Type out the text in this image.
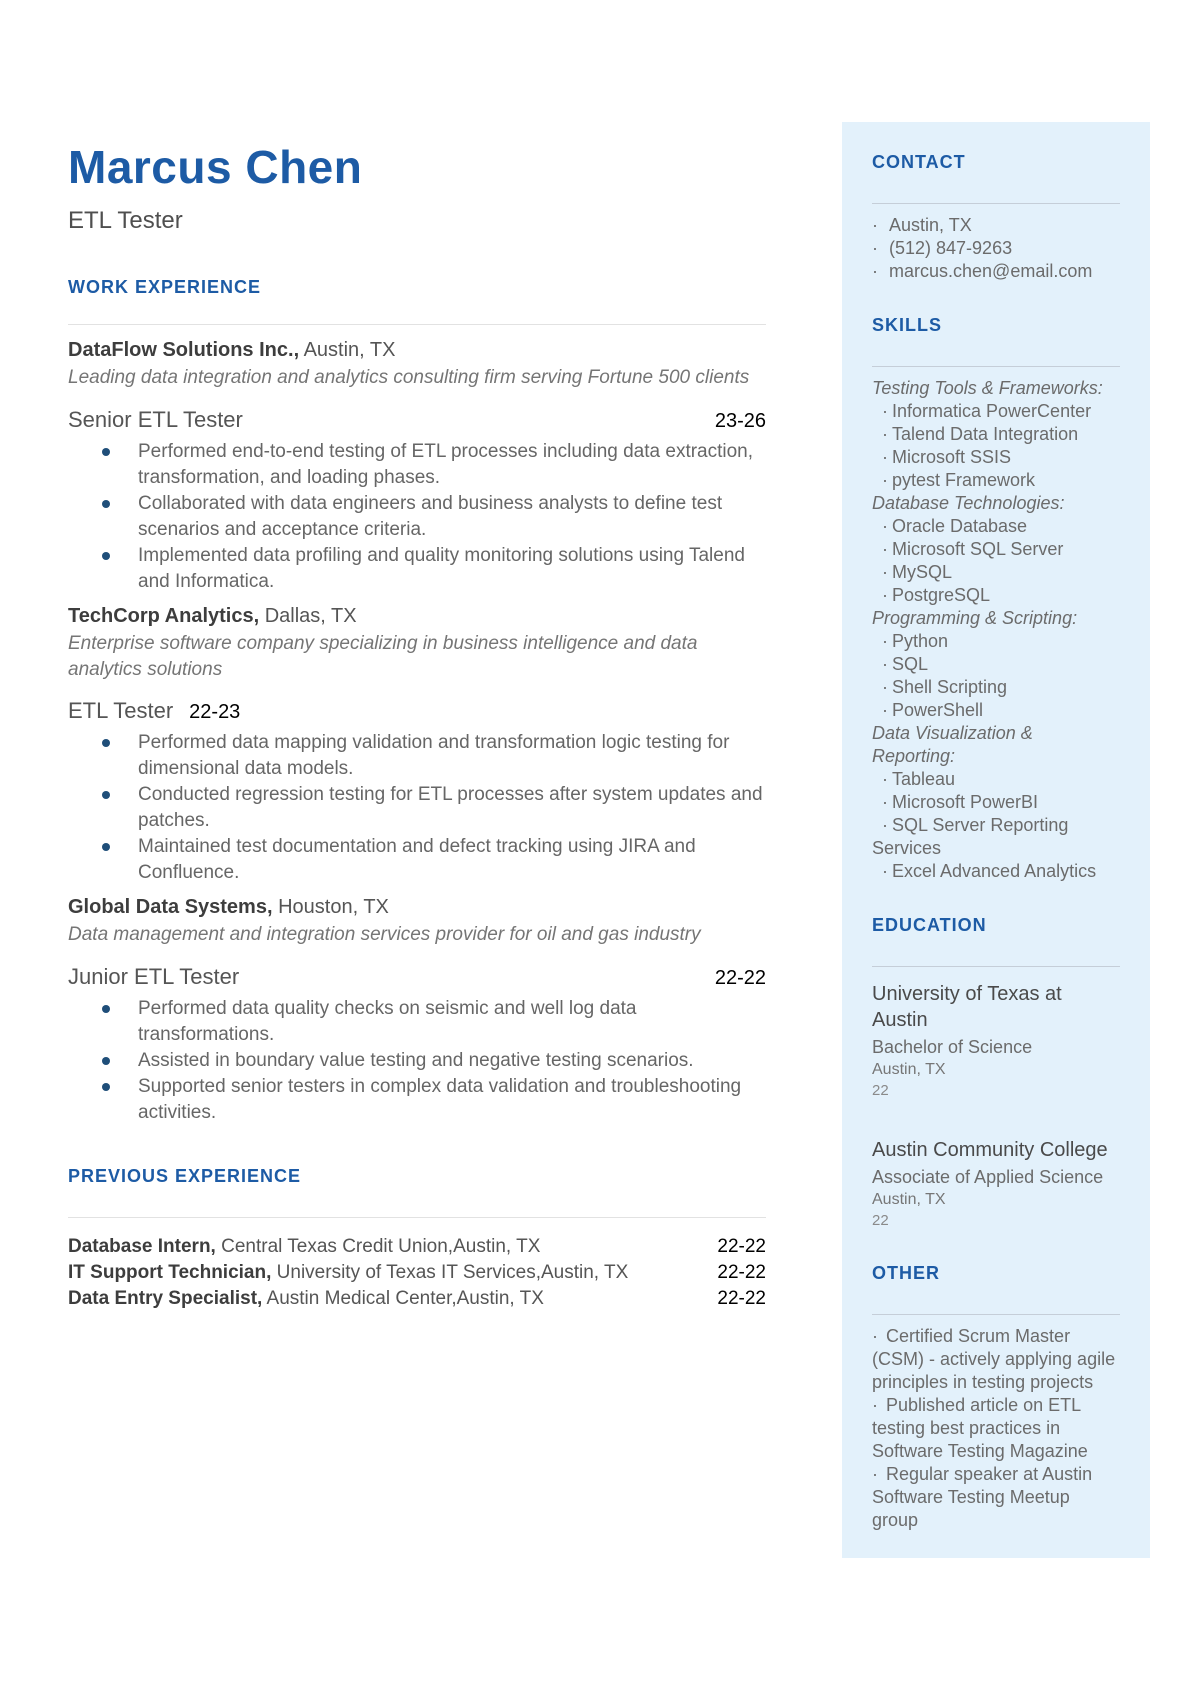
Marcus Chen
ETL Tester
WORK EXPERIENCE
DataFlow Solutions Inc., Austin, TX
Leading data integration and analytics consulting firm serving Fortune 500 clients
Senior ETL Tester	23-26
Performed end-to-end testing of ETL processes including data extraction, transformation, and loading phases.
Collaborated with data engineers and business analysts to define test scenarios and acceptance criteria.
Implemented data profiling and quality monitoring solutions using Talend and Informatica.
TechCorp Analytics, Dallas, TX
Enterprise software company specializing in business intelligence and data analytics solutions
ETL Tester 22-23
Performed data mapping validation and transformation logic testing for dimensional data models.
Conducted regression testing for ETL processes after system updates and patches.
Maintained test documentation and defect tracking using JIRA and Confluence.
Global Data Systems, Houston, TX
Data management and integration services provider for oil and gas industry
Junior ETL Tester	22-22
Performed data quality checks on seismic and well log data transformations.
Assisted in boundary value testing and negative testing scenarios.
Supported senior testers in complex data validation and troubleshooting activities.
PREVIOUS EXPERIENCE
Database Intern, Central Texas Credit Union,Austin, TX	22-22
IT Support Technician, University of Texas IT Services,Austin, TX	22-22
Data Entry Specialist, Austin Medical Center,Austin, TX	22-22
CONTACT
· Austin, TX
· (512) 847-9263
· marcus.chen@email.com
SKILLS
Testing Tools & Frameworks:
· Informatica PowerCenter
· Talend Data Integration
· Microsoft SSIS
· pytest Framework
Database Technologies:
· Oracle Database
· Microsoft SQL Server
· MySQL
· PostgreSQL
Programming & Scripting:
· Python
· SQL
· Shell Scripting
· PowerShell
Data Visualization & Reporting:
· Tableau
· Microsoft PowerBI
· SQL Server Reporting Services
· Excel Advanced Analytics
EDUCATION
University of Texas at Austin
Bachelor of Science
Austin, TX
22
Austin Community College
Associate of Applied Science
Austin, TX
22
OTHER
· Certified Scrum Master (CSM) - actively applying agile principles in testing projects
· Published article on ETL testing best practices in Software Testing Magazine
· Regular speaker at Austin Software Testing Meetup group
